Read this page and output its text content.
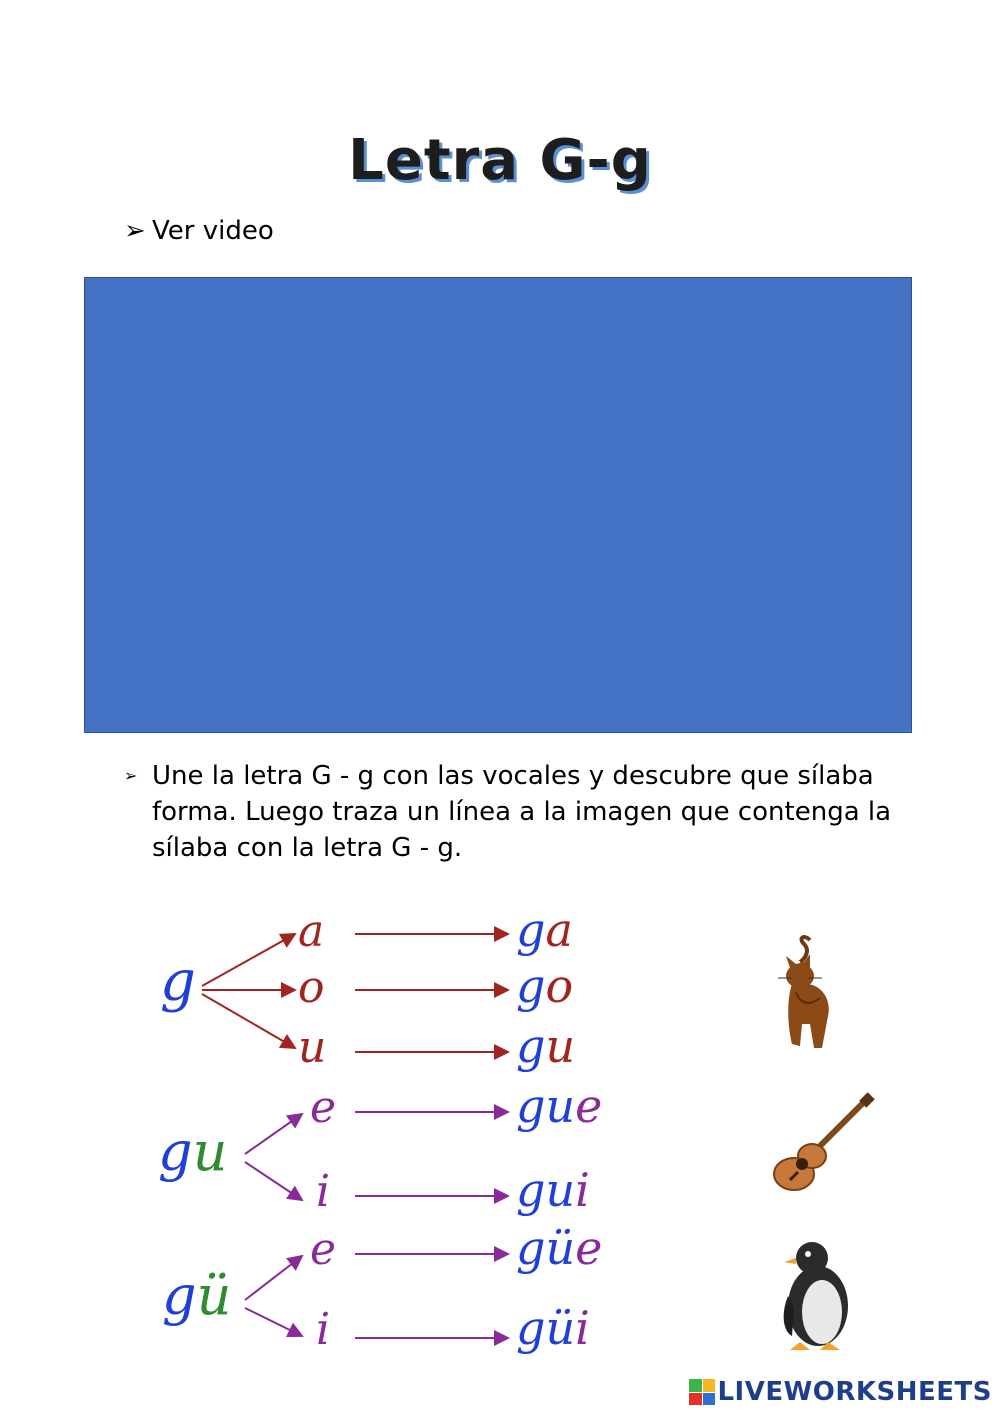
Letra G-g
➢ Ver video
➢ Une la letra G - g con las vocales y descubre que sílaba forma. Luego traza un línea a la imagen que contenga la sílaba con la letra G - g.
g
a
o
u
ga
go
gu
gu
e
i
gue
gui
gü
e
i
güe
güi
LIVEWORKSHEETS
